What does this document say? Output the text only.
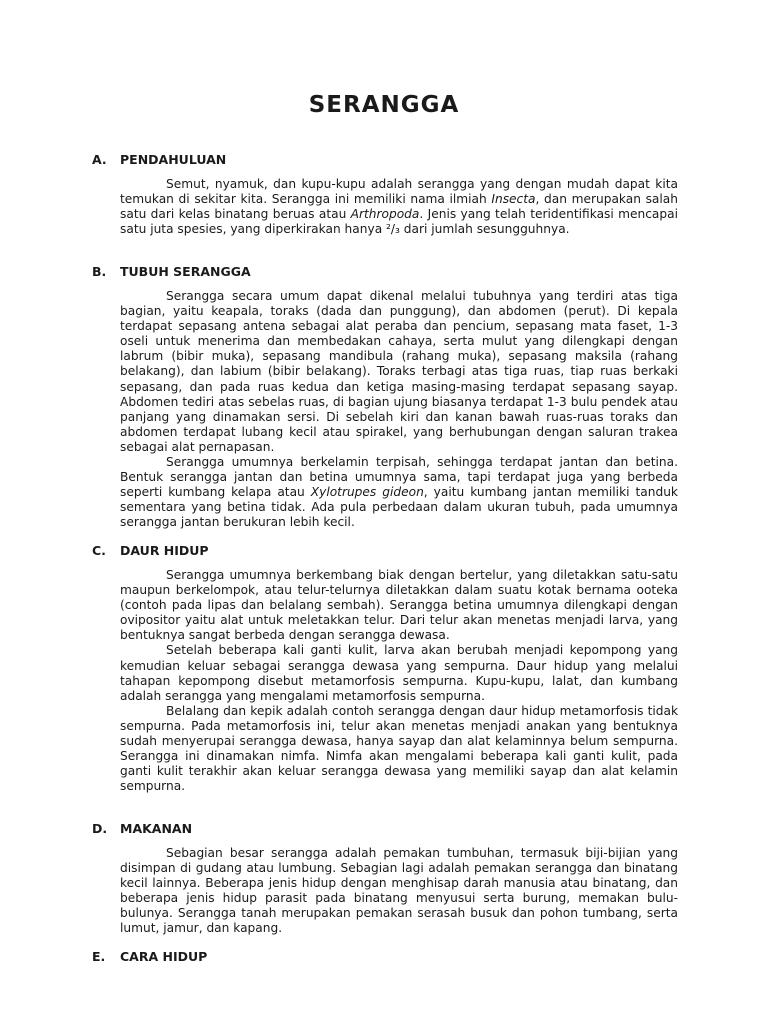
SERANGGA
A.	PENDAHULUAN

Semut, nyamuk, dan kupu-kupu adalah serangga yang dengan mudah dapat kita temukan di sekitar kita. Serangga ini memiliki nama ilmiah Insecta, dan merupakan salah satu dari kelas binatang beruas atau Arthropoda. Jenis yang telah teridentifikasi mencapai satu juta spesies, yang diperkirakan hanya ²/₃ dari jumlah sesungguhnya.

B.	TUBUH SERANGGA

Serangga secara umum dapat dikenal melalui tubuhnya yang terdiri atas tiga bagian, yaitu keapala, toraks (dada dan punggung), dan abdomen (perut). Di kepala terdapat sepasang antena sebagai alat peraba dan pencium, sepasang mata faset, 1-3 oseli untuk menerima dan membedakan cahaya, serta mulut yang dilengkapi dengan labrum (bibir muka), sepasang mandibula (rahang muka), sepasang maksila (rahang belakang), dan labium (bibir belakang). Toraks terbagi atas tiga ruas, tiap ruas berkaki sepasang, dan pada ruas kedua dan ketiga masing-masing terdapat sepasang sayap. Abdomen tediri atas sebelas ruas, di bagian ujung biasanya terdapat 1-3 bulu pendek atau panjang yang dinamakan sersi. Di sebelah kiri dan kanan bawah ruas-ruas toraks dan abdomen terdapat lubang kecil atau spirakel, yang berhubungan dengan saluran trakea sebagai alat pernapasan.

Serangga umumnya berkelamin terpisah, sehingga terdapat jantan dan betina. Bentuk serangga jantan dan betina umumnya sama, tapi terdapat juga yang berbeda seperti kumbang kelapa atau Xylotrupes gideon, yaitu kumbang jantan memiliki tanduk sementara yang betina tidak. Ada pula perbedaan dalam ukuran tubuh, pada umumnya serangga jantan berukuran lebih kecil.

C.	DAUR HIDUP

Serangga umumnya berkembang biak dengan bertelur, yang diletakkan satu-satu maupun berkelompok, atau telur-telurnya diletakkan dalam suatu kotak bernama ooteka (contoh pada lipas dan belalang sembah). Serangga betina umumnya dilengkapi dengan ovipositor yaitu alat untuk meletakkan telur. Dari telur akan menetas menjadi larva, yang bentuknya sangat berbeda dengan serangga dewasa.

Setelah beberapa kali ganti kulit, larva akan berubah menjadi kepompong yang kemudian keluar sebagai serangga dewasa yang sempurna. Daur hidup yang melalui tahapan kepompong disebut metamorfosis sempurna. Kupu-kupu, lalat, dan kumbang adalah serangga yang mengalami metamorfosis sempurna.

Belalang dan kepik adalah contoh serangga dengan daur hidup metamorfosis tidak sempurna. Pada metamorfosis ini, telur akan menetas menjadi anakan yang bentuknya sudah menyerupai serangga dewasa, hanya sayap dan alat kelaminnya belum sempurna. Serangga ini dinamakan nimfa. Nimfa akan mengalami beberapa kali ganti kulit, pada ganti kulit terakhir akan keluar serangga dewasa yang memiliki sayap dan alat kelamin sempurna.

D.	MAKANAN

Sebagian besar serangga adalah pemakan tumbuhan, termasuk biji-bijian yang disimpan di gudang atau lumbung. Sebagian lagi adalah pemakan serangga dan binatang kecil lainnya. Beberapa jenis hidup dengan menghisap darah manusia atau binatang, dan beberapa jenis hidup parasit pada binatang menyusui serta burung, memakan bulu-bulunya. Serangga tanah merupakan pemakan serasah busuk dan pohon tumbang, serta lumut, jamur, dan kapang.

E.	CARA HIDUP
